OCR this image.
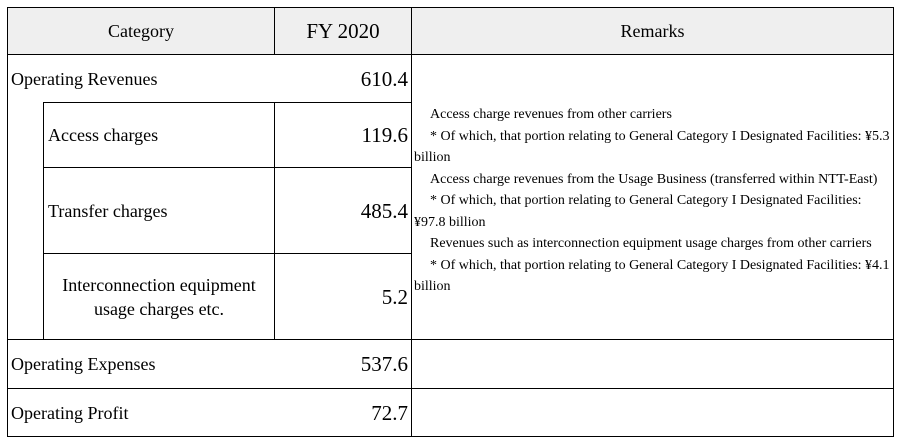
Category	FY 2020	Remarks
Operating Revenues	610.4
Access charges	119.6
Transfer charges	485.4
Interconnection equipment
usage charges etc.	5.2

Access charge revenues from other carriers

* Of which, that portion relating to General Category I Designated Facilities: ¥5.3 billion

Access charge revenues from the Usage Business (transferred within NTT-East)

* Of which, that portion relating to General Category I Designated Facilities: ¥97.8 billion

Revenues such as interconnection equipment usage charges from other carriers

* Of which, that portion relating to General Category I Designated Facilities: ¥4.1 billion

Operating Expenses	537.6
Operating Profit	72.7
